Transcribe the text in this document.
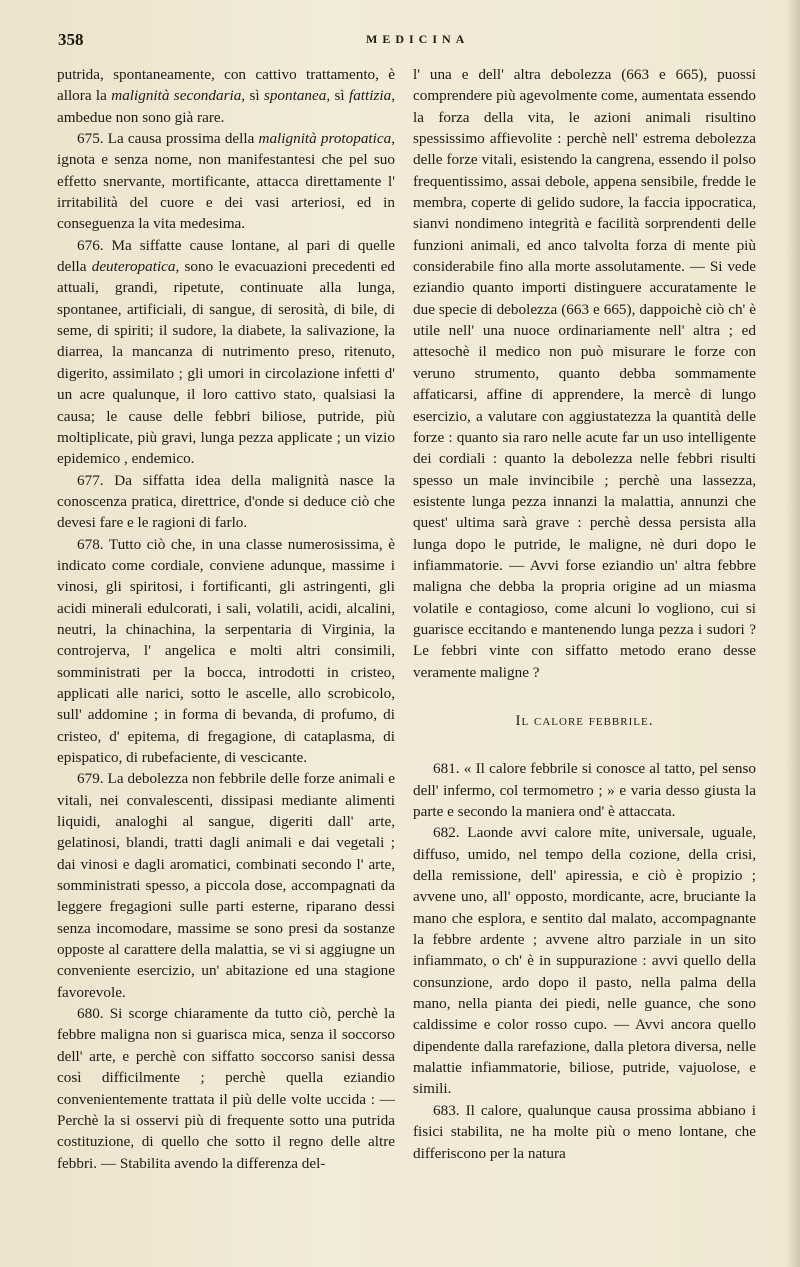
358	MEDICINA

putrida, spontaneamente, con cattivo trattamento, è allora la malignità secondaria, sì spontanea, sì fattizia, ambedue non sono già rare.

675. La causa prossima della malignità protopatica, ignota e senza nome, non manifestantesi che pel suo effetto snervante, mortificante, attacca direttamente l' irritabilità del cuore e dei vasi arteriosi, ed in conseguenza la vita medesima.

676. Ma siffatte cause lontane, al pari di quelle della deuteropatica, sono le evacuazioni precedenti ed attuali, grandi, ripetute, continuate alla lunga, spontanee, artificiali, di sangue, di serosità, di bile, di seme, di spiriti; il sudore, la diabete, la salivazione, la diarrea, la mancanza di nutrimento preso, ritenuto, digerito, assimilato ; gli umori in circolazione infetti d' un acre qualunque, il loro cattivo stato, qualsiasi la causa; le cause delle febbri biliose, putride, più moltiplicate, più gravi, lunga pezza applicate ; un vizio epidemico , endemico.

677. Da siffatta idea della malignità nasce la conoscenza pratica, direttrice, d'onde si deduce ciò che devesi fare e le ragioni di farlo.

678. Tutto ciò che, in una classe numerosissima, è indicato come cordiale, conviene adunque, massime i vinosi, gli spiritosi, i fortificanti, gli astringenti, gli acidi minerali edulcorati, i sali, volatili, acidi, alcalini, neutri, la chinachina, la serpentaria di Virginia, la controjerva, l' angelica e molti altri consimili, somministrati per la bocca, introdotti in cristeo, applicati alle narici, sotto le ascelle, allo scrobicolo, sull' addomine ; in forma di bevanda, di profumo, di cristeo, d' epitema, di fregagione, di cataplasma, di epispatico, di rubefaciente, di vescicante.

679. La debolezza non febbrile delle forze animali e vitali, nei convalescenti, dissipasi mediante alimenti liquidi, analoghi al sangue, digeriti dall' arte, gelatinosi, blandi, tratti dagli animali e dai vegetali ; dai vinosi e dagli aromatici, combinati secondo l' arte, somministrati spesso, a piccola dose, accompagnati da leggere fregagioni sulle parti esterne, riparano dessi senza incomodare, massime se sono presi da sostanze opposte al carattere della malattia, se vi si aggiugne un conveniente esercizio, un' abitazione ed una stagione favorevole.

680. Si scorge chiaramente da tutto ciò, perchè la febbre maligna non si guarisca mica, senza il soccorso dell' arte, e perchè con siffatto soccorso sanisi dessa così difficilmente ; perchè quella eziandio convenientemente trattata il più delle volte uccida : — Perchè la si osservi più di frequente sotto una putrida costituzione, di quello che sotto il regno delle altre febbri. — Stabilita avendo la differenza del-

l' una e dell' altra debolezza (663 e 665), puossi comprendere più agevolmente come, aumentata essendo la forza della vita, le azioni animali risultino spessissimo affievolite : perchè nell' estrema debolezza delle forze vitali, esistendo la cangrena, essendo il polso frequentissimo, assai debole, appena sensibile, fredde le membra, coperte di gelido sudore, la faccia ippocratica, sianvi nondimeno integrità e facilità sorprendenti delle funzioni animali, ed anco talvolta forza di mente più considerabile fino alla morte assolutamente. — Si vede eziandio quanto importi distinguere accuratamente le due specie di debolezza (663 e 665), dappoichè ciò ch' è utile nell' una nuoce ordinariamente nell' altra ; ed attesochè il medico non può misurare le forze con veruno strumento, quanto debba sommamente affaticarsi, affine di apprendere, la mercè di lungo esercizio, a valutare con aggiustatezza la quantità delle forze : quanto sia raro nelle acute far un uso intelligente dei cordiali : quanto la debolezza nelle febbri risulti spesso un male invincibile ; perchè una lassezza, esistente lunga pezza innanzi la malattia, annunzi che quest' ultima sarà grave : perchè dessa persista alla lunga dopo le putride, le maligne, nè duri dopo le infiammatorie. — Avvi forse eziandio un' altra febbre maligna che debba la propria origine ad un miasma volatile e contagioso, come alcuni lo vogliono, cui si guarisce eccitando e mantenendo lunga pezza i sudori ? Le febbri vinte con siffatto metodo erano desse veramente maligne ?

Il calore febbrile.

681. « Il calore febbrile si conosce al tatto, pel senso dell' infermo, col termometro ; » e varia desso giusta la parte e secondo la maniera ond' è attaccata.

682. Laonde avvi calore mite, universale, uguale, diffuso, umido, nel tempo della cozione, della crisi, della remissione, dell' apiressia, e ciò è propizio ; avvene uno, all' opposto, mordicante, acre, bruciante la mano che esplora, e sentito dal malato, accompagnante la febbre ardente ; avvene altro parziale in un sito infiammato, o ch' è in suppurazione : avvi quello della consunzione, ardo dopo il pasto, nella palma della mano, nella pianta dei piedi, nelle guance, che sono caldissime e color rosso cupo. — Avvi ancora quello dipendente dalla rarefazione, dalla pletora diversa, nelle malattie infiammatorie, biliose, putride, vajuolose, e simili.

683. Il calore, qualunque causa prossima abbiano i fisici stabilita, ne ha molte più o meno lontane, che differiscono per la natura
